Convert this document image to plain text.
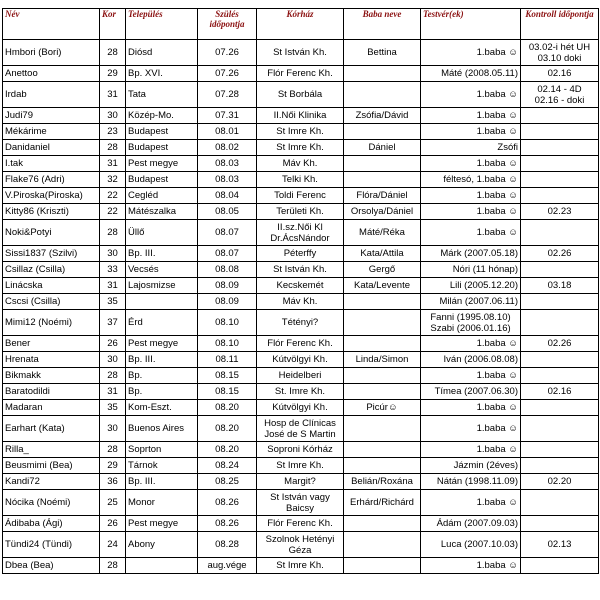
Név	Kor	Település	Szülés időpontja	Kórház	Baba neve	Testvér(ek)	Kontroll időpontja
Hmbori (Bori)	28	Diósd	07.26	St István Kh.	Bettina	1.baba ☺	03.02-i hét UH
03.10 doki

Anettoo	29	Bp. XVI.	07.26	Flór Ferenc Kh.		Máté (2008.05.11)	02.16

Irdab	31	Tata	07.28	St Borbála		1.baba ☺	02.14 - 4D
02.16 - doki

Judi79	30	Közép-Mo.	07.31	II.Női Klinika	Zsófia/Dávid	1.baba ☺	

Mékárime	23	Budapest	08.01	St Imre Kh.		1.baba ☺	

Danidaniel	28	Budapest	08.02	St Imre Kh.	Dániel	Zsófi	

I.tak	31	Pest megye	08.03	Máv Kh.		1.baba ☺	

Flake76 (Adri)	32	Budapest	08.03	Telki Kh.		féltesó, 1.baba ☺	

V.Piroska(Piroska)	22	Cegléd	08.04	Toldi Ferenc	Flóra/Dániel	1.baba ☺	

Kitty86 (Kriszti)	22	Mátészalka	08.05	Területi Kh.	Orsolya/Dániel	1.baba ☺	02.23

Noki&Potyi	28	Üllő	08.07	II.sz.Női Kl
Dr.ÁcsNándor	Máté/Réka	1.baba ☺	

Sissi1837 (Szilvi)	30	Bp. III.	08.07	Péterffy	Kata/Attila	Márk (2007.05.18)	02.26

Csillaz (Csilla)	33	Vecsés	08.08	St István Kh.	Gergő	Nóri (11 hónap)	

Linácska	31	Lajosmizse	08.09	Kecskemét	Kata/Levente	Lili (2005.12.20)	03.18

Cscsi (Csilla)	35		08.09	Máv Kh.		Milán (2007.06.11)	

Mimi12 (Noémi)	37	Érd	08.10	Tétényi?		Fanni (1995.08.10)
Szabi (2006.01.16)	

Bener	26	Pest megye	08.10	Flór Ferenc Kh.		1.baba ☺	02.26

Hrenata	30	Bp. III.	08.11	Kútvölgyi Kh.	Linda/Simon	Iván (2006.08.08)	

Bikmakk	28	Bp.	08.15	Heidelberi		1.baba ☺	

Baratodildi	31	Bp.	08.15	St. Imre Kh.		Tímea (2007.06.30)	02.16

Madaran	35	Kom-Eszt.	08.20	Kútvölgyi Kh.	Picúr☺	1.baba ☺	

Earhart (Kata)	30	Buenos Aires	08.20	Hosp de Clínicas
José de S Martin		1.baba ☺	

Rilla_	28	Soprton	08.20	Soproni Kórház		1.baba ☺	

Beusmimi (Bea)	29	Tárnok	08.24	St Imre Kh.		Jázmin (2éves)	

Kandi72	36	Bp. III.	08.25	Margit?	Belián/Roxána	Nátán (1998.11.09)	02.20

Nócika (Noémi)	25	Monor	08.26	St István vagy
Baicsy	Erhárd/Richárd	1.baba ☺	

Ádibaba (Ági)	26	Pest megye	08.26	Flór Ferenc Kh.		Ádám (2007.09.03)	

Tündi24 (Tündi)	24	Abony	08.28	Szolnok Hetényi
Géza		Luca (2007.10.03)	02.13

Dbea (Bea)	28		aug.vége	St Imre Kh.		1.baba ☺	
